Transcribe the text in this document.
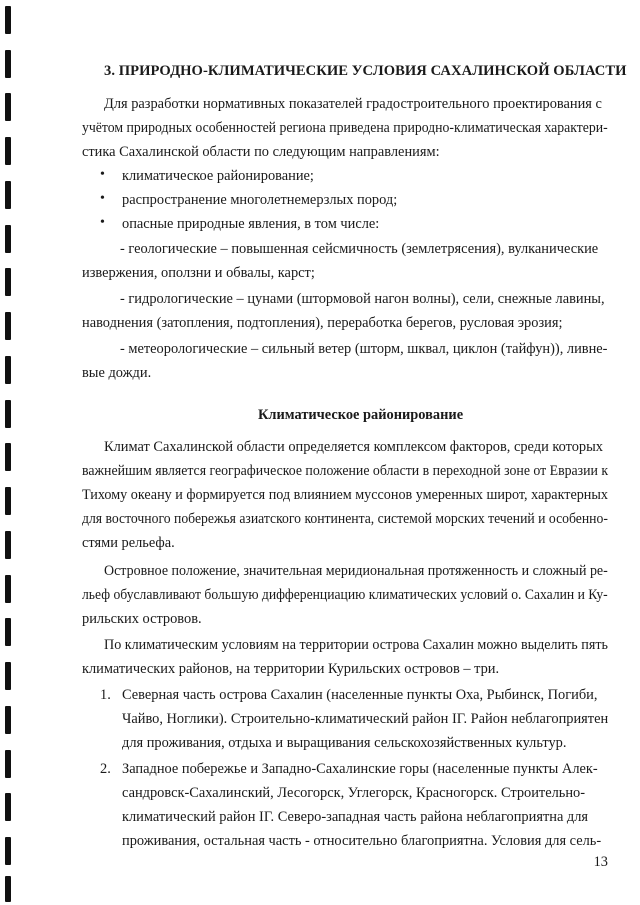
3. ПРИРОДНО-КЛИМАТИЧЕСКИЕ УСЛОВИЯ САХАЛИНСКОЙ ОБЛАСТИ
Для разработки нормативных показателей градостроительного проектирования с
учётом природных особенностей региона приведена природно-климатическая характери-
стика Сахалинской области по следующим направлениям:
• климатическое районирование;
• распространение многолетнемерзлых пород;
• опасные природные явления, в том числе:
- геологические – повышенная сейсмичность (землетрясения), вулканические
извержения, оползни и обвалы, карст;
- гидрологические – цунами (штормовой нагон волны), сели, снежные лавины,
наводнения (затопления, подтопления), переработка берегов, русловая эрозия;
- метеорологические – сильный ветер (шторм, шквал, циклон (тайфун)), ливне-
вые дожди.
Климатическое районирование
Климат Сахалинской области определяется комплексом факторов, среди которых
важнейшим является географическое положение области в переходной зоне от Евразии к
Тихому океану и формируется под влиянием муссонов умеренных широт, характерных
для восточного побережья азиатского континента, системой морских течений и особенно-
стями рельефа.
Островное положение, значительная меридиональная протяженность и сложный ре-
льеф обуславливают большую дифференциацию климатических условий о. Сахалин и Ку-
рильских островов.
По климатическим условиям на территории острова Сахалин можно выделить пять
климатических районов, на территории Курильских островов – три.
1. Северная часть острова Сахалин (населенные пункты Оха, Рыбинск, Погиби,
Чайво, Ноглики). Строительно-климатический район IГ. Район неблагоприятен
для проживания, отдыха и выращивания сельскохозяйственных культур.
2. Западное побережье и Западно-Сахалинские горы (населенные пункты Алек-
сандровск-Сахалинский, Лесогорск, Углегорск, Красногорск. Строительно-
климатический район IГ. Северо-западная часть района неблагоприятна для
проживания, остальная часть - относительно благоприятна. Условия для сель-
13
